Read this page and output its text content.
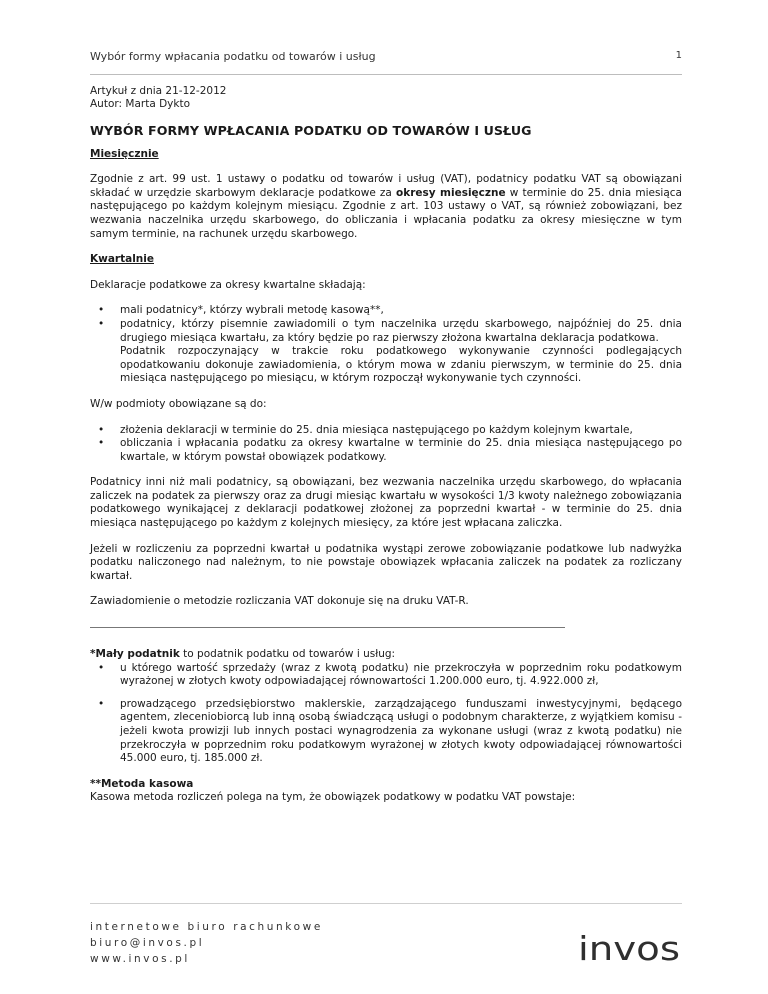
Wybór formy wpłacania podatku od towarów i usług	1
Artykuł z dnia 21-12-2012
Autor: Marta Dykto
WYBÓR FORMY WPŁACANIA PODATKU OD TOWARÓW I USŁUG
Miesięcznie

Zgodnie z art. 99 ust. 1 ustawy o podatku od towarów i usług (VAT), podatnicy podatku VAT są obowiązani składać w urzędzie skarbowym deklaracje podatkowe za okresy miesięczne w terminie do 25. dnia miesiąca następującego po każdym kolejnym miesiącu. Zgodnie z art. 103 ustawy o VAT, są również zobowiązani, bez wezwania naczelnika urzędu skarbowego, do obliczania i wpłacania podatku za okresy miesięczne w tym samym terminie, na rachunek urzędu skarbowego.

Kwartalnie

Deklaracje podatkowe za okresy kwartalne składają:

• mali podatnicy*, którzy wybrali metodę kasową**,
• podatnicy, którzy pisemnie zawiadomili o tym naczelnika urzędu skarbowego, najpóźniej do 25. dnia drugiego miesiąca kwartału, za który będzie po raz pierwszy złożona kwartalna deklaracja podatkowa.
Podatnik rozpoczynający w trakcie roku podatkowego wykonywanie czynności podlegających opodatkowaniu dokonuje zawiadomienia, o którym mowa w zdaniu pierwszym, w terminie do 25. dnia miesiąca następującego po miesiącu, w którym rozpoczął wykonywanie tych czynności.

W/w podmioty obowiązane są do:

• złożenia deklaracji w terminie do 25. dnia miesiąca następującego po każdym kolejnym kwartale,
• obliczania i wpłacania podatku za okresy kwartalne w terminie do 25. dnia miesiąca następującego po kwartale, w którym powstał obowiązek podatkowy.

Podatnicy inni niż mali podatnicy, są obowiązani, bez wezwania naczelnika urzędu skarbowego, do wpłacania zaliczek na podatek za pierwszy oraz za drugi miesiąc kwartału w wysokości 1/3 kwoty należnego zobowiązania podatkowego wynikającej z deklaracji podatkowej złożonej za poprzedni kwartał - w terminie do 25. dnia miesiąca następującego po każdym z kolejnych miesięcy, za które jest wpłacana zaliczka.

Jeżeli w rozliczeniu za poprzedni kwartał u podatnika wystąpi zerowe zobowiązanie podatkowe lub nadwyżka podatku naliczonego nad należnym, to nie powstaje obowiązek wpłacania zaliczek na podatek za rozliczany kwartał.

Zawiadomienie o metodzie rozliczania VAT dokonuje się na druku VAT-R.

*Mały podatnik to podatnik podatku od towarów i usług:
• u którego wartość sprzedaży (wraz z kwotą podatku) nie przekroczyła w poprzednim roku podatkowym wyrażonej w złotych kwoty odpowiadającej równowartości 1.200.000 euro, tj. 4.922.000 zł,
• prowadzącego przedsiębiorstwo maklerskie, zarządzającego funduszami inwestycyjnymi, będącego agentem, zleceniobiorcą lub inną osobą świadczącą usługi o podobnym charakterze, z wyjątkiem komisu - jeżeli kwota prowizji lub innych postaci wynagrodzenia za wykonane usługi (wraz z kwotą podatku) nie przekroczyła w poprzednim roku podatkowym wyrażonej w złotych kwoty odpowiadającej równowartości 45.000 euro, tj. 185.000 zł.
**Metoda kasowa
Kasowa metoda rozliczeń polega na tym, że obowiązek podatkowy w podatku VAT powstaje:
internetowe biuro rachunkowe
biuro@invos.pl
www.invos.pl	invos
